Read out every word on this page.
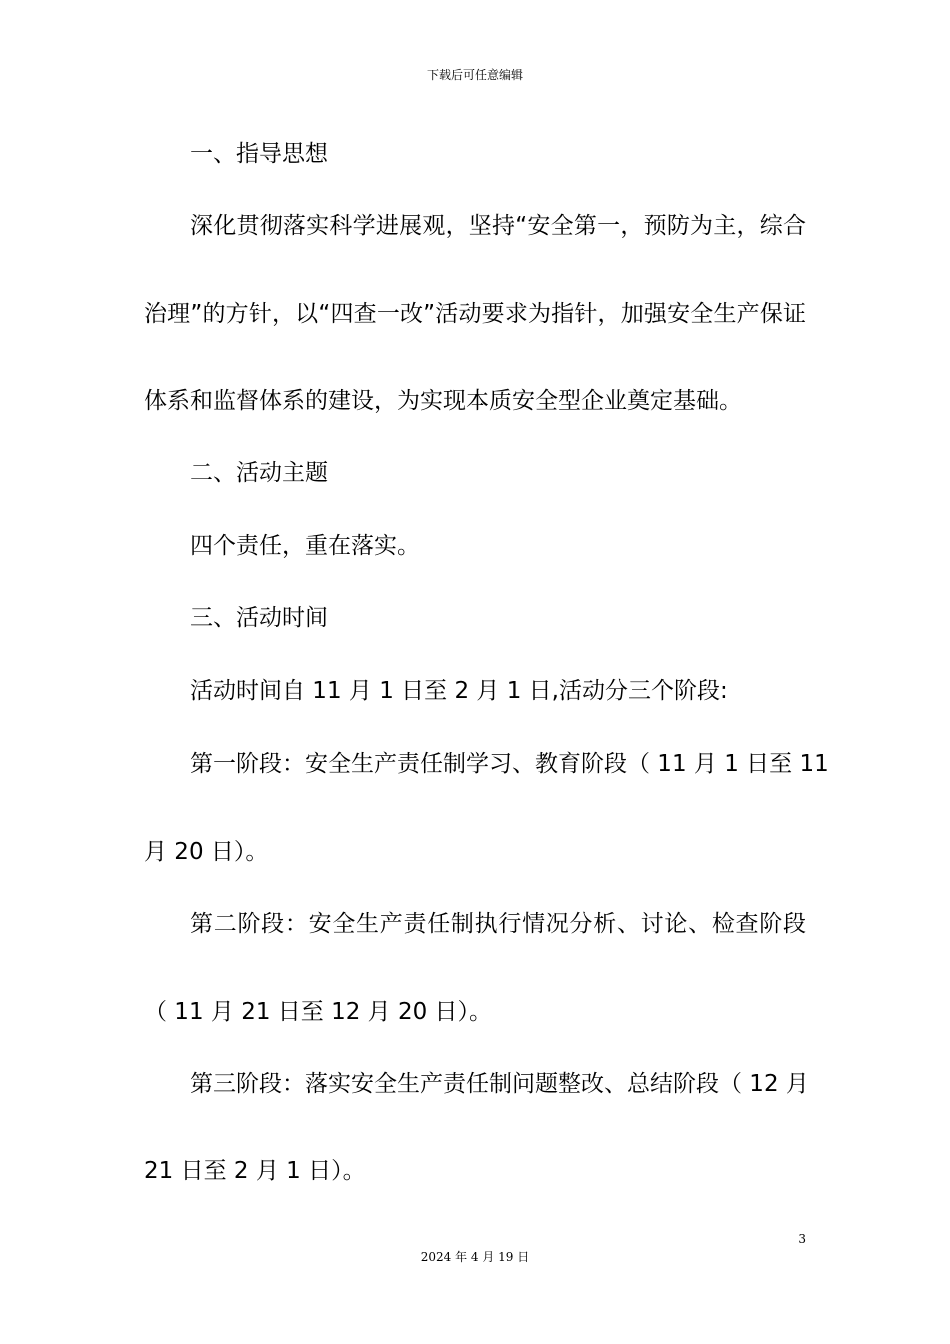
下载后可任意编辑
一、指导思想
深化贯彻落实科学进展观，坚持“安全第一，预防为主，综合
治理”的方针，以“四查一改”活动要求为指针，加强安全生产保证
体系和监督体系的建设，为实现本质安全型企业奠定基础。
二、活动主题
四个责任，重在落实。
三、活动时间
活动时间自 11 月 1 日至 2 月 1 日,活动分三个阶段:
第一阶段：安全生产责任制学习、教育阶段（ 11 月 1 日至 11
月 20 日）。
第二阶段：安全生产责任制执行情况分析、讨论、检查阶段
（ 11 月 21 日至 12 月 20 日）。
第三阶段：落实安全生产责任制问题整改、总结阶段（ 12 月
21 日至 2 月 1 日）。
3
2024 年 4 月 19 日
